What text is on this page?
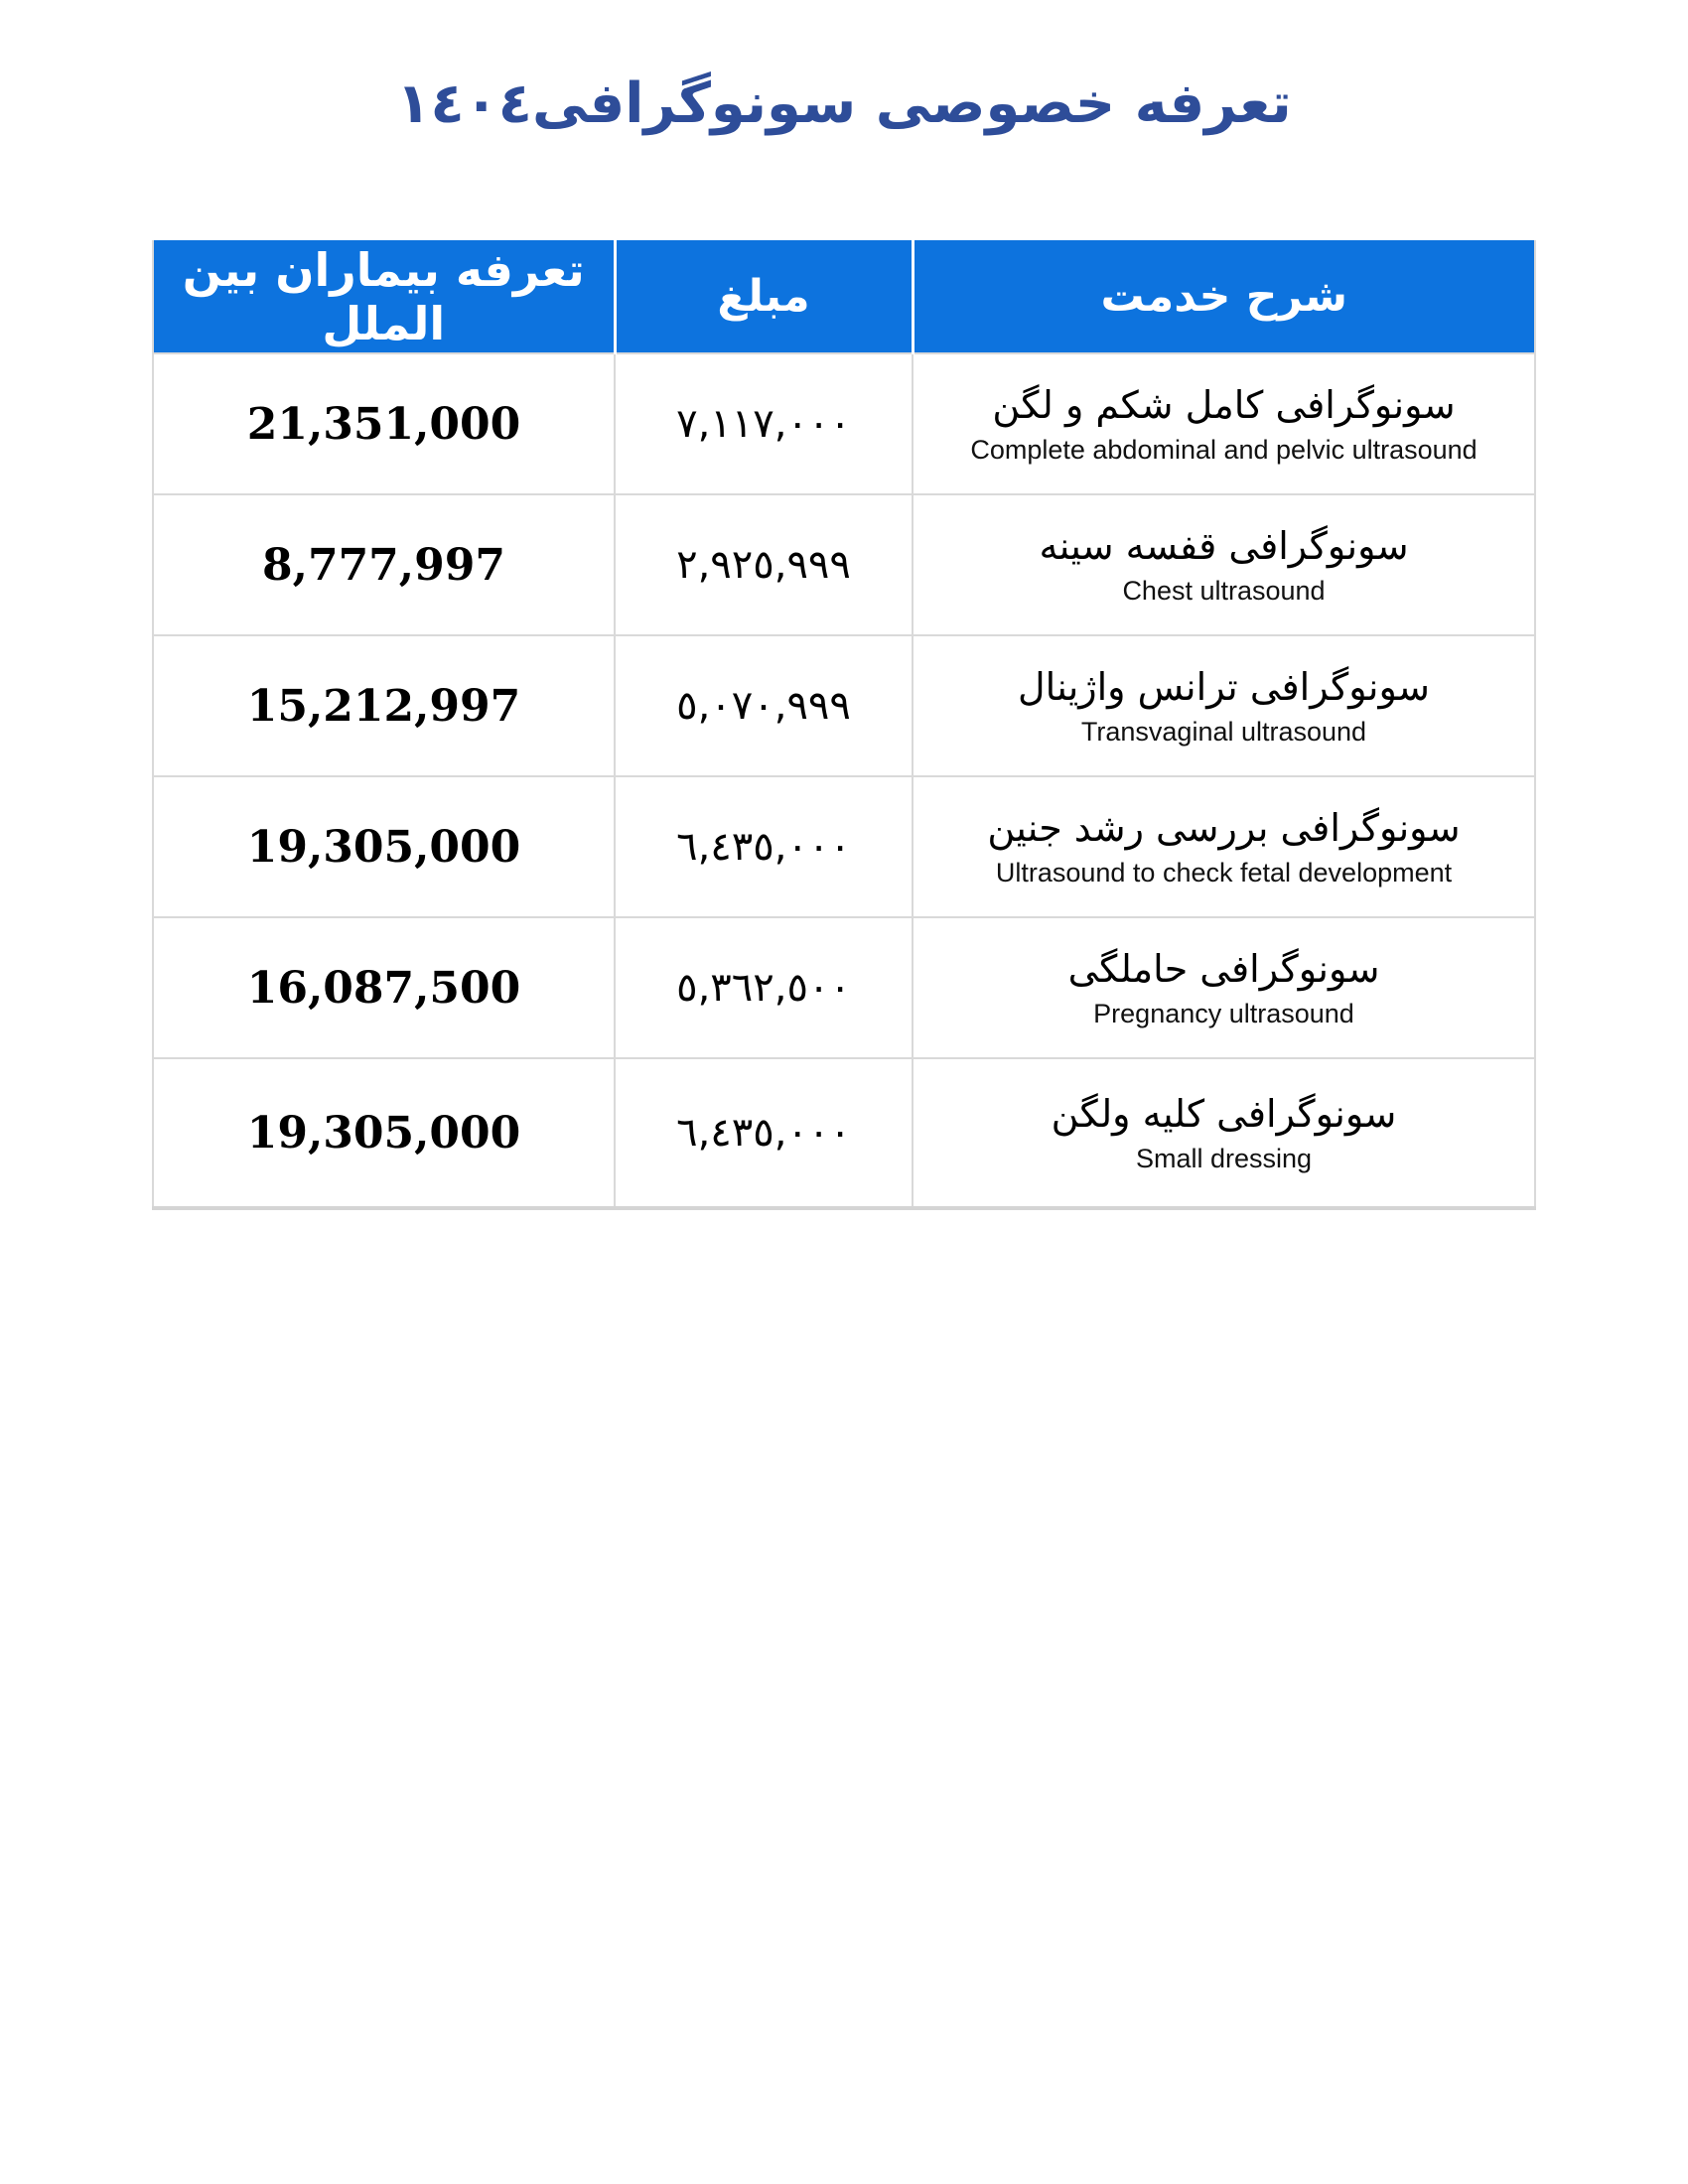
تعرفه خصوصی سونوگرافی١٤٠٤
شرح خدمت	مبلغ	تعرفه بیماران بین الملل

سونوگرافی کامل شکم و لگن
Complete abdominal and pelvic ultrasound	٧,١١٧,٠٠٠	21,351,000

سونوگرافی قفسه سینه
Chest ultrasound	٢,٩٢٥,٩٩٩	8,777,997

سونوگرافی ترانس واژینال
Transvaginal ultrasound	٥,٠٧٠,٩٩٩	15,212,997

سونوگرافی بررسی رشد جنین
Ultrasound to check fetal development	٦,٤٣٥,٠٠٠	19,305,000

سونوگرافی حاملگی
Pregnancy ultrasound	٥,٣٦٢,٥٠٠	16,087,500

سونوگرافی کلیه ولگن
Small dressing	٦,٤٣٥,٠٠٠	19,305,000
